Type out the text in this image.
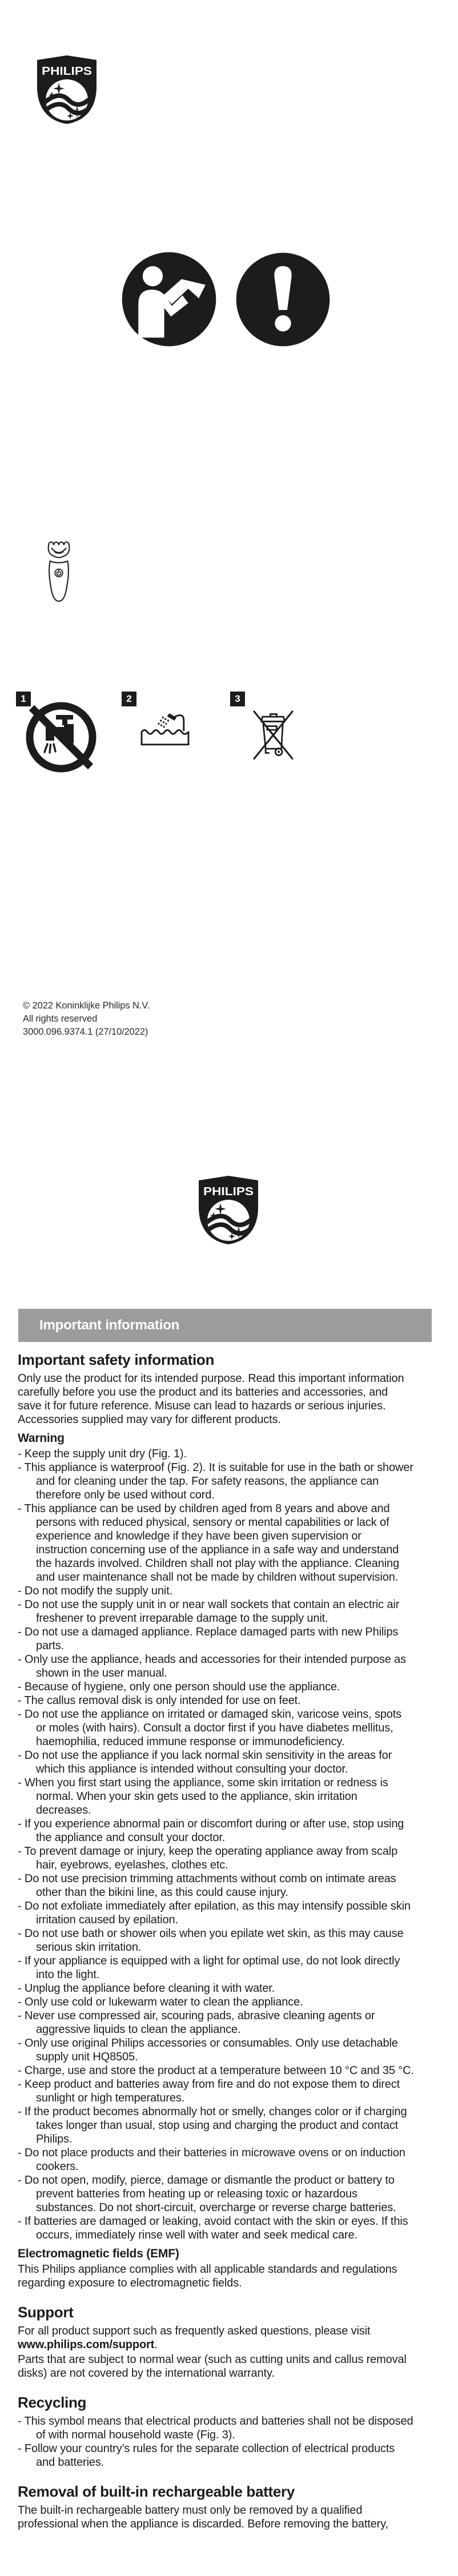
PHILIPS
1	2	3
© 2022 Koninklijke Philips N.V.
All rights reserved
3000.096.9374.1 (27/10/2022)
PHILIPS
Important information
Important safety information

Only use the product for its intended purpose. Read this important information carefully before you use the product and its batteries and accessories, and save it for future reference. Misuse can lead to hazards or serious injuries. Accessories supplied may vary for different products.

Warning
- Keep the supply unit dry (Fig. 1).
- This appliance is waterproof (Fig. 2). It is suitable for use in the bath or shower and for cleaning under the tap. For safety reasons, the appliance can therefore only be used without cord.
- This appliance can be used by children aged from 8 years and above and persons with reduced physical, sensory or mental capabilities or lack of experience and knowledge if they have been given supervision or instruction concerning use of the appliance in a safe way and understand the hazards involved. Children shall not play with the appliance. Cleaning and user maintenance shall not be made by children without supervision.
- Do not modify the supply unit.
- Do not use the supply unit in or near wall sockets that contain an electric air freshener to prevent irreparable damage to the supply unit.
- Do not use a damaged appliance. Replace damaged parts with new Philips parts.
- Only use the appliance, heads and accessories for their intended purpose as shown in the user manual.
- Because of hygiene, only one person should use the appliance.
- The callus removal disk is only intended for use on feet.
- Do not use the appliance on irritated or damaged skin, varicose veins, spots or moles (with hairs). Consult a doctor first if you have diabetes mellitus, haemophilia, reduced immune response or immunodeficiency.
- Do not use the appliance if you lack normal skin sensitivity in the areas for which this appliance is intended without consulting your doctor.
- When you first start using the appliance, some skin irritation or redness is normal. When your skin gets used to the appliance, skin irritation decreases.
- If you experience abnormal pain or discomfort during or after use, stop using the appliance and consult your doctor.
- To prevent damage or injury, keep the operating appliance away from scalp hair, eyebrows, eyelashes, clothes etc.
- Do not use precision trimming attachments without comb on intimate areas other than the bikini line, as this could cause injury.
- Do not exfoliate immediately after epilation, as this may intensify possible skin irritation caused by epilation.
- Do not use bath or shower oils when you epilate wet skin, as this may cause serious skin irritation.
- If your appliance is equipped with a light for optimal use, do not look directly into the light.
- Unplug the appliance before cleaning it with water.
- Only use cold or lukewarm water to clean the appliance.
- Never use compressed air, scouring pads, abrasive cleaning agents or aggressive liquids to clean the appliance.
- Only use original Philips accessories or consumables. Only use detachable supply unit HQ8505.
- Charge, use and store the product at a temperature between 10 °C and 35 °C.
- Keep product and batteries away from fire and do not expose them to direct sunlight or high temperatures.
- If the product becomes abnormally hot or smelly, changes color or if charging takes longer than usual, stop using and charging the product and contact Philips.
- Do not place products and their batteries in microwave ovens or on induction cookers.
- Do not open, modify, pierce, damage or dismantle the product or battery to prevent batteries from heating up or releasing toxic or hazardous substances. Do not short-circuit, overcharge or reverse charge batteries.
- If batteries are damaged or leaking, avoid contact with the skin or eyes. If this occurs, immediately rinse well with water and seek medical care.
Electromagnetic fields (EMF)

This Philips appliance complies with all applicable standards and regulations regarding exposure to electromagnetic fields.

Support

For all product support such as frequently asked questions, please visit www.philips.com/support.

Parts that are subject to normal wear (such as cutting units and callus removal disks) are not covered by the international warranty.

Recycling
- This symbol means that electrical products and batteries shall not be disposed of with normal household waste (Fig. 3).
- Follow your country’s rules for the separate collection of electrical products and batteries.
Removal of built-in rechargeable battery

The built-in rechargeable battery must only be removed by a qualified professional when the appliance is discarded. Before removing the battery,
